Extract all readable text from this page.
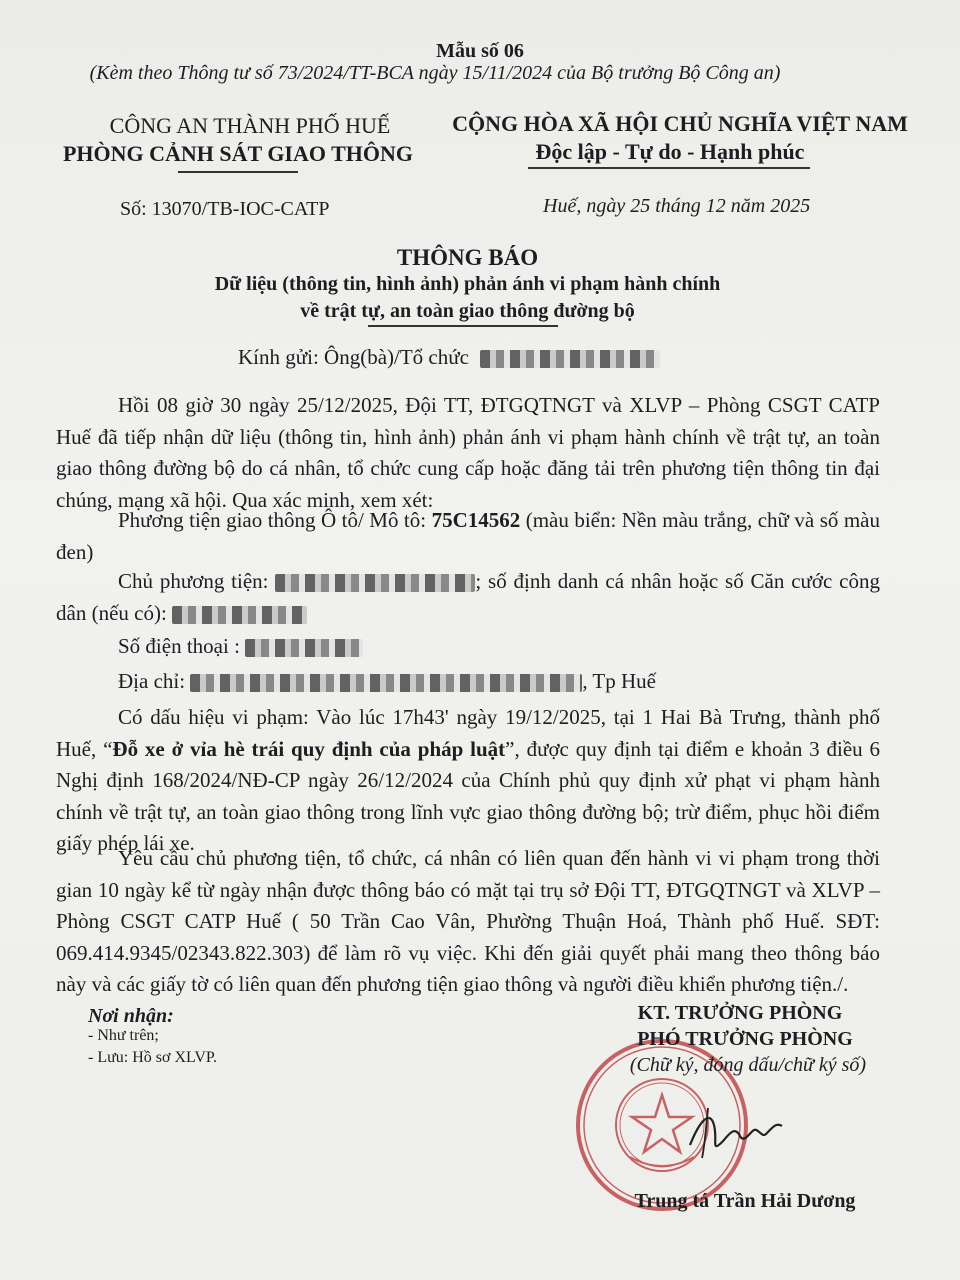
Mẫu số 06
(Kèm theo Thông tư số 73/2024/TT-BCA ngày 15/11/2024 của Bộ trưởng Bộ Công an)
CÔNG AN THÀNH PHỐ HUẾ
PHÒNG CẢNH SÁT GIAO THÔNG
CỘNG HÒA XÃ HỘI CHỦ NGHĨA VIỆT NAM
Độc lập - Tự do - Hạnh phúc
Số: 13070/TB-IOC-CATP	Huế, ngày 25 tháng 12 năm 2025
THÔNG BÁO
Dữ liệu (thông tin, hình ảnh) phản ánh vi phạm hành chính
về trật tự, an toàn giao thông đường bộ
Kính gửi: Ông(bà)/Tổ chức
Hồi 08 giờ 30 ngày 25/12/2025, Đội TT, ĐTGQTNGT và XLVP – Phòng CSGT CATP Huế đã tiếp nhận dữ liệu (thông tin, hình ảnh) phản ánh vi phạm hành chính về trật tự, an toàn giao thông đường bộ do cá nhân, tổ chức cung cấp hoặc đăng tải trên phương tiện thông tin đại chúng, mạng xã hội. Qua xác minh, xem xét:
Phương tiện giao thông Ô tô/ Mô tô: 75C14562 (màu biển: Nền màu trắng, chữ và số màu đen)
Chủ phương tiện:	; số định danh cá nhân hoặc số Căn cước công dân (nếu có):
Số điện thoại :
Địa chỉ:	, Tp Huế
Có dấu hiệu vi phạm: Vào lúc 17h43' ngày 19/12/2025, tại 1 Hai Bà Trưng, thành phố Huế, “Đỗ xe ở vỉa hè trái quy định của pháp luật”, được quy định tại điểm e khoản 3 điều 6 Nghị định 168/2024/NĐ-CP ngày 26/12/2024 của Chính phủ quy định xử phạt vi phạm hành chính về trật tự, an toàn giao thông trong lĩnh vực giao thông đường bộ; trừ điểm, phục hồi điểm giấy phép lái xe.
Yêu cầu chủ phương tiện, tổ chức, cá nhân có liên quan đến hành vi vi phạm trong thời gian 10 ngày kể từ ngày nhận được thông báo có mặt tại trụ sở Đội TT, ĐTGQTNGT và XLVP – Phòng CSGT CATP Huế ( 50 Trần Cao Vân, Phường Thuận Hoá, Thành phố Huế. SĐT: 069.414.9345/02343.822.303) để làm rõ vụ việc. Khi đến giải quyết phải mang theo thông báo này và các giấy tờ có liên quan đến phương tiện giao thông và người điều khiển phương tiện./.
Nơi nhận:
- Như trên;
- Lưu: Hồ sơ XLVP.
KT. TRƯỞNG PHÒNG
PHÓ TRƯỞNG PHÒNG
(Chữ ký, đóng dấu/chữ ký số)
Trung tá Trần Hải Dương
